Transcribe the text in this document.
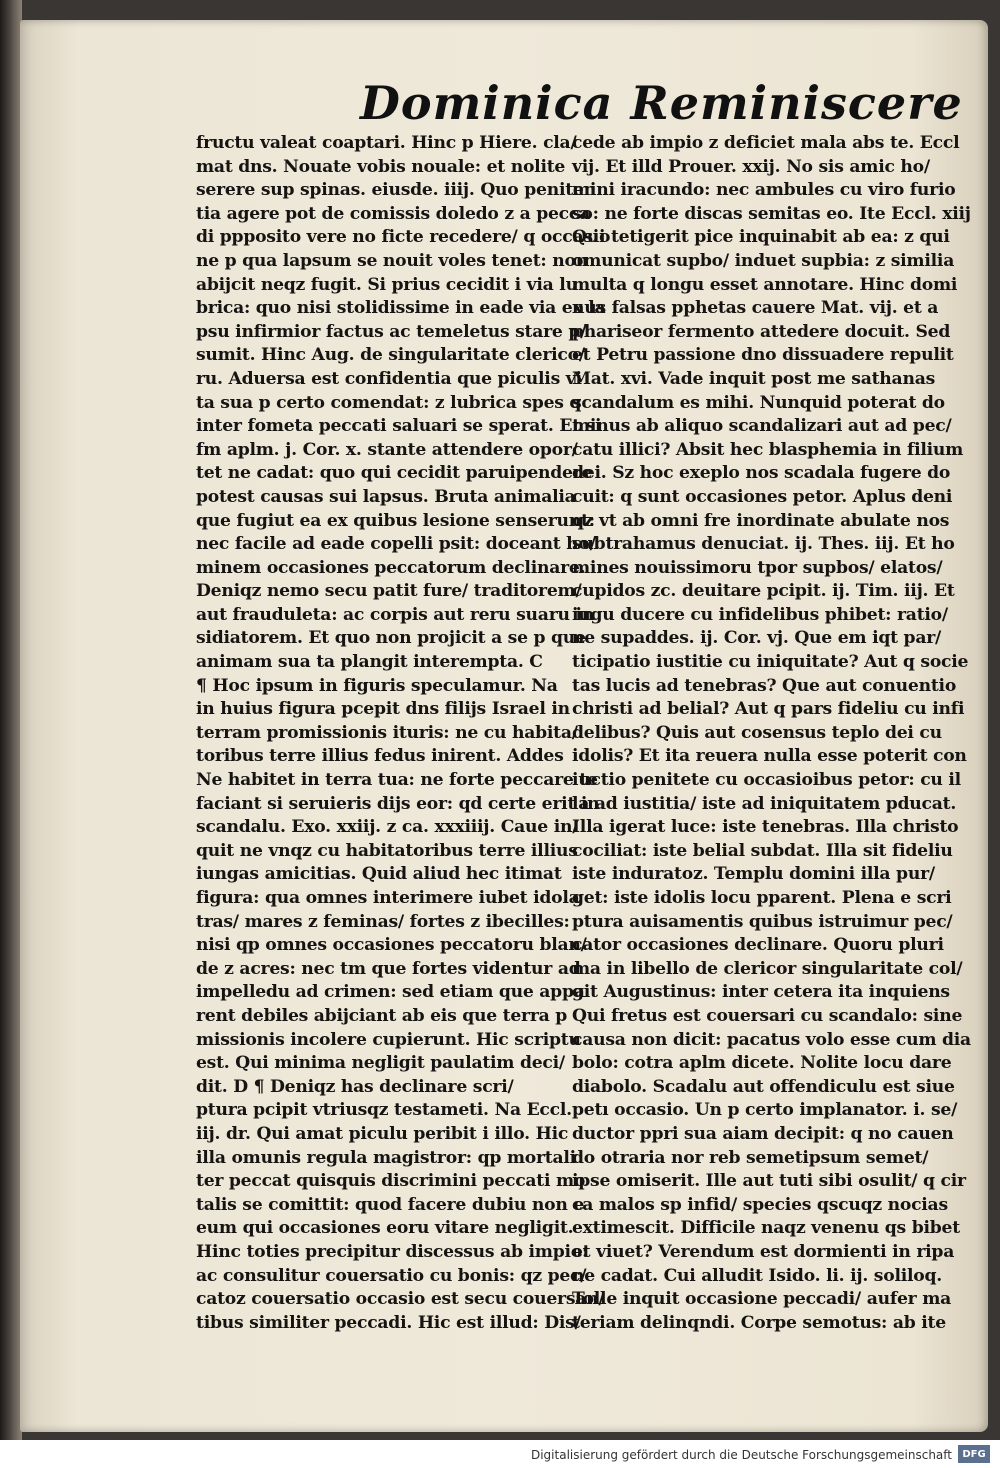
Dominica Reminiscere
fructu valeat coaptari. Hinc p Hiere. cla/
mat dns. Nouate vobis nouale: et nolite
serere sup spinas. eiusde. iiij. Quo peniten
tia agere pot de comissis doledo z a pecca
di ppposito vere no ficte recedere/ q occasio
ne p qua lapsum se nouit voles tenet: non
abijcit neqz fugit. Si prius cecidit i via lu
brica: quo nisi stolidissime in eade via ex la
psu infirmior factus ac temeletus stare p/
sumit. Hinc Aug. de singularitate clerico/
ru. Aduersa est confidentia que piculis vi
ta sua p certo comendat: z lubrica spes q
inter fometa peccati saluari se sperat. Et si
fm aplm. j. Cor. x. stante attendere opor/
tet ne cadat: quo qui cecidit paruipendere
potest causas sui lapsus. Bruta animalia
que fugiut ea ex quibus lesione senserunt:
nec facile ad eade copelli psit: doceant ho/
minem occasiones peccatorum declinare.
Deniqz nemo secu patit fure/ traditorem/
aut frauduleta: ac corpis aut reru suaru in
sidiatorem. Et quo non projicit a se p que
animam sua ta plangit interempta. C
¶ Hoc ipsum in figuris speculamur. Na
in huius figura pcepit dns filijs Israel in
terram promissionis ituris: ne cu habita/
toribus terre illius fedus inirent. Addes
Ne habitet in terra tua: ne forte peccare te
faciant si seruieris dijs eor: qd certe erit in
scandalu. Exo. xxiij. z ca. xxxiiij. Caue in/
quit ne vnqz cu habitatoribus terre illius
iungas amicitias. Quid aliud hec itimat
figura: qua omnes interimere iubet idola
tras/ mares z feminas/ fortes z ibecilles:
nisi qp omnes occasiones peccatoru blan/
de z acres: nec tm que fortes videntur ad
impelledu ad crimen: sed etiam que appa
rent debiles abijciant ab eis que terra p
missionis incolere cupierunt. Hic scriptu
est. Qui minima negligit paulatim deci/
dit. D ¶ Deniqz has declinare scri/
ptura pcipit vtriusqz testameti. Na Eccl.
iij. dr. Qui amat piculu peribit i illo. Hic
illa omunis regula magistror: qp mortali
ter peccat quisquis discrimini peccati mo
talis se comittit: quod facere dubiu non e
eum qui occasiones eoru vitare negligit.
Hinc toties precipitur discessus ab impio:
ac consulitur couersatio cu bonis: qz pec/
catoz couersatio occasio est secu couersan/
tibus similiter peccadi. Hic est illud: Dis/
cede ab impio z deficiet mala abs te. Eccl
vij. Et illd Prouer. xxij. No sis amic ho/
mini iracundo: nec ambules cu viro furio
so: ne forte discas semitas eo. Ite Eccl. xiij
Qui tetigerit pice inquinabit ab ea: z qui
omunicat supbo/ induet supbia: z similia
multa q longu esset annotare. Hinc domi
nus falsas pphetas cauere Mat. vij. et a
phariseor fermento attedere docuit. Sed
et Petru passione dno dissuadere repulit
Mat. xvi. Vade inquit post me sathanas
scandalum es mihi. Nunquid poterat do
minus ab aliquo scandalizari aut ad pec/
catu illici? Absit hec blasphemia in filium
dei. Sz hoc exeplo nos scadala fugere do
cuit: q sunt occasiones petor. Aplus deni
qz vt ab omni fre inordinate abulate nos
subtrahamus denuciat. ij. Thes. iij. Et ho
mines nouissimoru tpor supbos/ elatos/
cupidos zc. deuitare pcipit. ij. Tim. iij. Et
iugu ducere cu infidelibus phibet: ratio/
ne supaddes. ij. Cor. vj. Que em iqt par/
ticipatio iustitie cu iniquitate? Aut q socie
tas lucis ad tenebras? Que aut conuentio
christi ad belial? Aut q pars fideliu cu infi
delibus? Quis aut cosensus teplo dei cu
idolis? Et ita reuera nulla esse poterit con
iuctio penitete cu occasioibus petor: cu il
la ad iustitia/ iste ad iniquitatem pducat.
Illa igerat luce: iste tenebras. Illa christo
cociliat: iste belial subdat. Illa sit fideliu
iste induratoz. Templu domini illa pur/
get: iste idolis locu pparent. Plena e scri
ptura auisamentis quibus istruimur pec/
cator occasiones declinare. Quoru pluri
ma in libello de clericor singularitate col/
git Augustinus: inter cetera ita inquiens
Qui fretus est couersari cu scandalo: sine
causa non dicit: pacatus volo esse cum dia
bolo: cotra aplm dicete. Nolite locu dare
diabolo. Scadalu aut offendiculu est siue
petı occasio. Un p certo implanator. i. se/
ductor ppri sua aiam decipit: q no cauen
do otraria nor reb semetipsum semet/
ipse omiserit. Ille aut tuti sibi osulit/ q cir
ca malos sp infid/ species qscuqz nocias
extimescit. Difficile naqz venenu qs bibet
et viuet? Verendum est dormienti in ripa
ne cadat. Cui alludit Isido. li. ij. soliloq.
Tolle inquit occasione peccadi/ aufer ma
teriam delinqndi. Corpe semotus: ab ite
Digitalisierung gefördert durch die Deutsche Forschungsgemeinschaft	DFG
